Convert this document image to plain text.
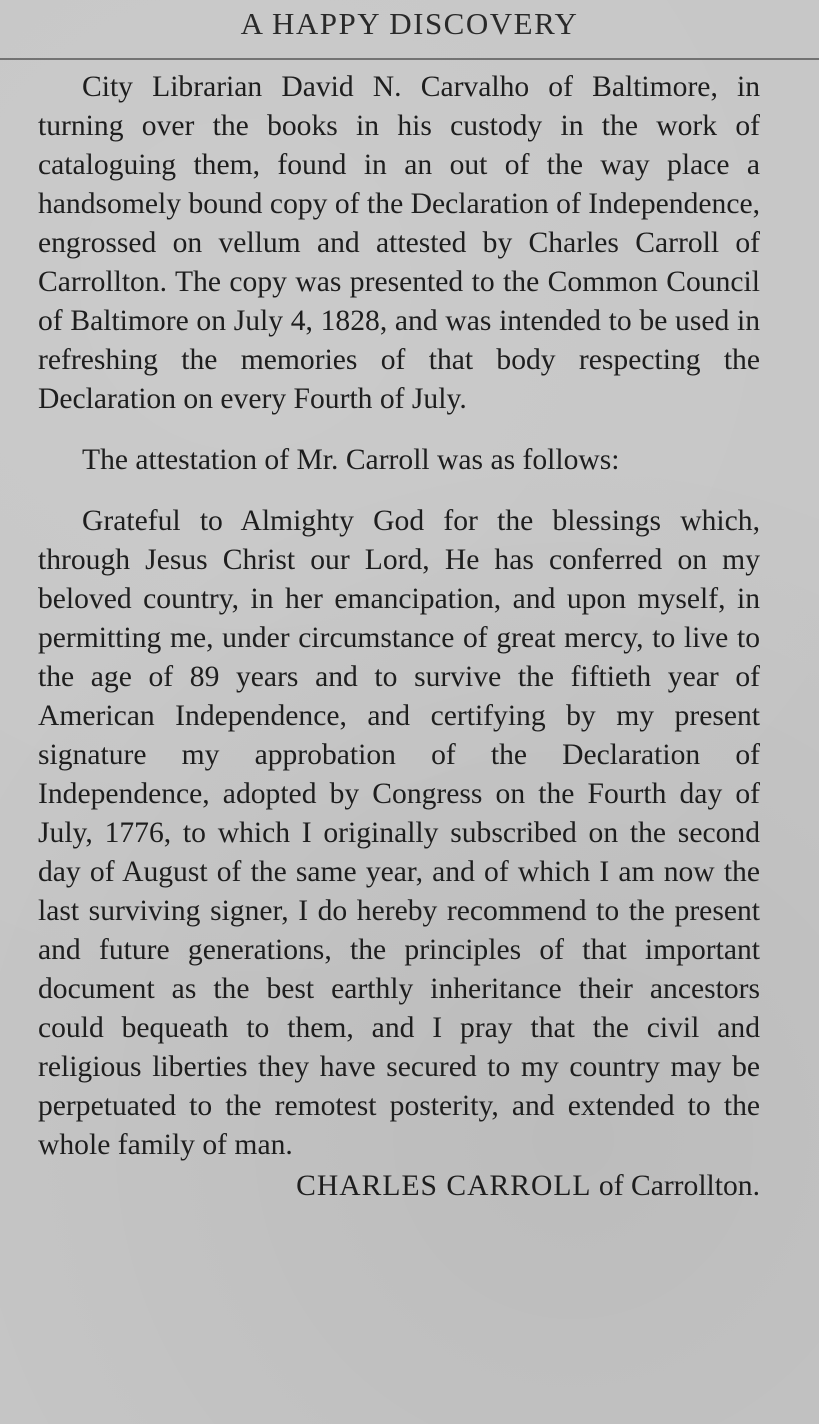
A HAPPY DISCOVERY

City Librarian David N. Carvalho of Baltimore, in turning over the books in his custody in the work of cataloguing them, found in an out of the way place a handsomely bound copy of the Declaration of Independence, engrossed on vellum and attested by Charles Carroll of Carrollton. The copy was presented to the Common Council of Baltimore on July 4, 1828, and was intended to be used in refreshing the memories of that body respecting the Declaration on every Fourth of July.

The attestation of Mr. Carroll was as follows:

Grateful to Almighty God for the blessings which, through Jesus Christ our Lord, He has conferred on my beloved country, in her emancipation, and upon myself, in permitting me, under circumstance of great mercy, to live to the age of 89 years and to survive the fiftieth year of American Independence, and certifying by my present signature my approbation of the Declaration of Independence, adopted by Congress on the Fourth day of July, 1776, to which I originally subscribed on the second day of August of the same year, and of which I am now the last surviving signer, I do hereby recommend to the present and future generations, the principles of that important document as the best earthly inheritance their ancestors could bequeath to them, and I pray that the civil and religious liberties they have secured to my country may be perpetuated to the remotest posterity, and extended to the whole family of man.

CHARLES CARROLL of Carrollton.
